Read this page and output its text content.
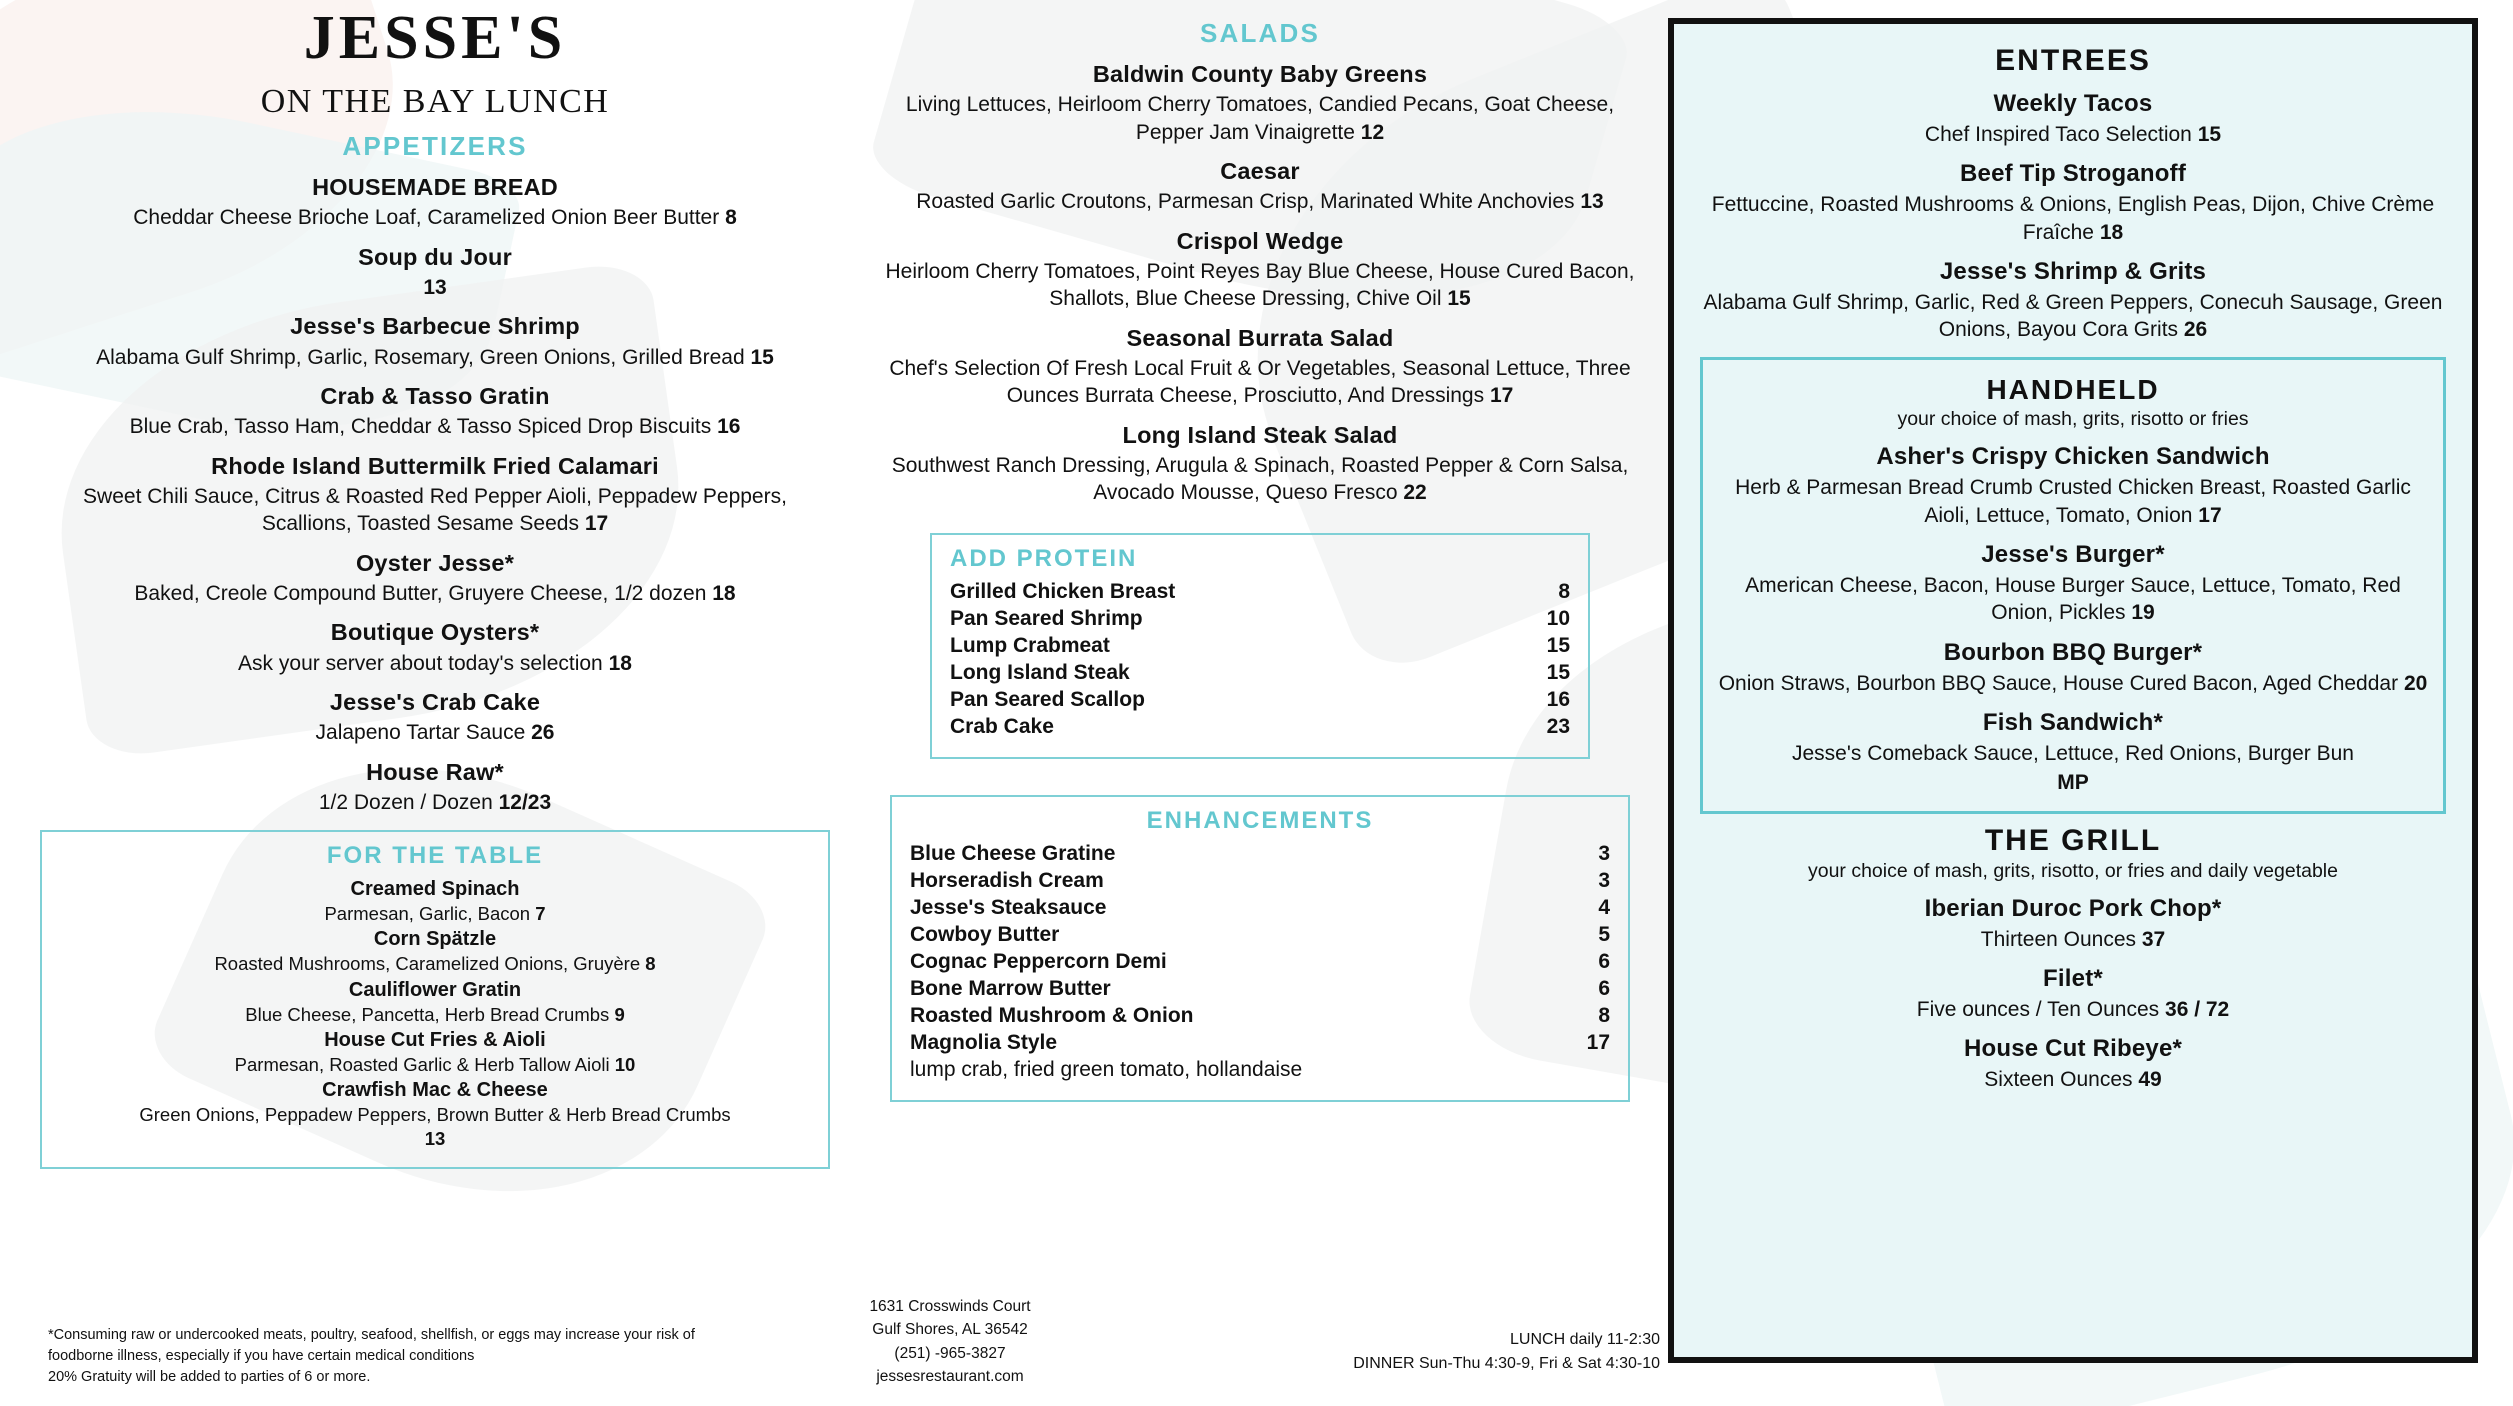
JESSE'S
ON THE BAY LUNCH
APPETIZERS
HOUSEMADE BREAD
Cheddar Cheese Brioche Loaf, Caramelized Onion Beer Butter 8
Soup du Jour
13
Jesse's Barbecue Shrimp
Alabama Gulf Shrimp, Garlic, Rosemary, Green Onions, Grilled Bread 15
Crab & Tasso Gratin
Blue Crab, Tasso Ham, Cheddar & Tasso Spiced Drop Biscuits 16
Rhode Island Buttermilk Fried Calamari
Sweet Chili Sauce, Citrus & Roasted Red Pepper Aioli, Peppadew Peppers, Scallions, Toasted Sesame Seeds 17
Oyster Jesse*
Baked, Creole Compound Butter, Gruyere Cheese, 1/2 dozen 18
Boutique Oysters*
Ask your server about today's selection 18
Jesse's Crab Cake
Jalapeno Tartar Sauce 26
House Raw*
1/2 Dozen / Dozen 12/23
FOR THE TABLE
Creamed Spinach
Parmesan, Garlic, Bacon 7
Corn Spätzle
Roasted Mushrooms, Caramelized Onions, Gruyère 8
Cauliflower Gratin
Blue Cheese, Pancetta, Herb Bread Crumbs 9
House Cut Fries & Aioli
Parmesan, Roasted Garlic & Herb Tallow Aioli 10
Crawfish Mac & Cheese
Green Onions, Peppadew Peppers, Brown Butter & Herb Bread Crumbs
13
SALADS
Baldwin County Baby Greens
Living Lettuces, Heirloom Cherry Tomatoes, Candied Pecans, Goat Cheese, Pepper Jam Vinaigrette 12
Caesar
Roasted Garlic Croutons, Parmesan Crisp, Marinated White Anchovies 13
Crispol Wedge
Heirloom Cherry Tomatoes, Point Reyes Bay Blue Cheese, House Cured Bacon, Shallots, Blue Cheese Dressing, Chive Oil 15
Seasonal Burrata Salad
Chef's Selection Of Fresh Local Fruit & Or Vegetables, Seasonal Lettuce, Three Ounces Burrata Cheese, Prosciutto, And Dressings 17
Long Island Steak Salad
Southwest Ranch Dressing, Arugula & Spinach, Roasted Pepper & Corn Salsa, Avocado Mousse, Queso Fresco 22
ADD PROTEIN
Grilled Chicken Breast	8
Pan Seared Shrimp	10
Lump Crabmeat	15
Long Island Steak	15
Pan Seared Scallop	16
Crab Cake	23
ENHANCEMENTS
Blue Cheese Gratine	3
Horseradish Cream	3
Jesse's Steaksauce	4
Cowboy Butter	5
Cognac Peppercorn Demi	6
Bone Marrow Butter	6
Roasted Mushroom & Onion	8
Magnolia Style	17
lump crab, fried green tomato, hollandaise	
ENTREES
Weekly Tacos
Chef Inspired Taco Selection 15
Beef Tip Stroganoff
Fettuccine, Roasted Mushrooms & Onions, English Peas, Dijon, Chive Crème Fraîche 18
Jesse's Shrimp & Grits
Alabama Gulf Shrimp, Garlic, Red & Green Peppers, Conecuh Sausage, Green Onions, Bayou Cora Grits 26
HANDHELD
your choice of mash, grits, risotto or fries
Asher's Crispy Chicken Sandwich
Herb & Parmesan Bread Crumb Crusted Chicken Breast, Roasted Garlic Aioli, Lettuce, Tomato, Onion 17
Jesse's Burger*
American Cheese, Bacon, House Burger Sauce, Lettuce, Tomato, Red Onion, Pickles 19
Bourbon BBQ Burger*
Onion Straws, Bourbon BBQ Sauce, House Cured Bacon, Aged Cheddar 20
Fish Sandwich*
Jesse's Comeback Sauce, Lettuce, Red Onions, Burger Bun
MP
THE GRILL
your choice of mash, grits, risotto, or fries and daily vegetable
Iberian Duroc Pork Chop*
Thirteen Ounces 37
Filet*
Five ounces / Ten Ounces 36 / 72
House Cut Ribeye*
Sixteen Ounces 49
*Consuming raw or undercooked meats, poultry, seafood, shellfish, or eggs may increase your risk of foodborne illness, especially if you have certain medical conditions
20% Gratuity will be added to parties of 6 or more.
1631 Crosswinds Court
Gulf Shores, AL 36542
(251) -965-3827
jessesrestaurant.com
LUNCH daily 11-2:30
DINNER Sun-Thu 4:30-9, Fri & Sat 4:30-10
